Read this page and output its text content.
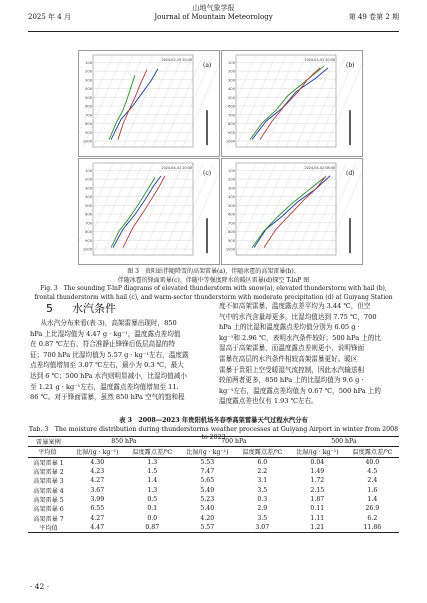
2025 年 4 月
山地气象学报
Journal of Mountain Meteorology	第 49 卷第 2 期
100
200
300
400
500
600
700
800
900
1000
(a)
2024-02-19 20:00
100
200
300
400
500
600
700
800
900
1000
(b)
2024-03-01 20:00
100
200
300
400
500
600
700
800
900
1000
(c)
2024-04-01 20:00
100
200
300
400
500
600
700
800
900
1000
(d)
2024-04-02 08:00
图 3　贵阳站伴随降雪的高架雷暴(a)、伴随冰雹的高架雷暴(b)、
伴随冰雹的锋面雷暴(c)、伴随中等强度降水的暖区雷暴(d)探空 T-lnP 图
Fig. 3　The sounding T-lnP diagrams of elevated thunderstorm with snow(a), elevated thunderstorm with hail (b),
frontal thunderstorm with hail (c), and warm-sector thunderstorm with moderate precipitation (d) at Guiyang Station
5 水汽条件
从水汽分布来看(表 3)，高架雷暴出现时，850
hPa 上比湿均值为 4.47 g · kg⁻¹，温度露点差均值
在 0.87 ℃左右，符合准静止锋锋后低层高湿的特
征；700 hPa 比湿均值为 5.57 g · kg⁻¹左右，温度露
点差均值增加至 3.07 ℃左右，最小为 0.3 ℃，最大
达到 6 ℃；500 hPa 水汽则明显减小，比湿均值减小
至 1.21 g · kg⁻¹左右，温度露点差均值增加至 11.
86 ℃。对于锋面雷暴，虽然 850 hPa 空气的饱和程
度不如高架雷暴，温度露点差平均为 3.44 ℃，但空
气中的水汽含量却更多，比湿均值达到 7.75 ℃，700
hPa 上的比湿和温度露点差均值分别为 6.05 g ·
kg⁻¹和 2.96 ℃，表明水汽条件较好；500 hPa 上的比
湿高于高架雷暴，而温度露点差则更小，说明锋面
雷暴在高层的水汽条件相较高架雷暴更好。暖区
雷暴于贵阳上空受暖湿气流控制，因此水汽输送相
较前两者更多，850 hPa 上的比湿均值为 9.6 g ·
kg⁻¹左右，温度露点差均值为 0.67 ℃，500 hPa 上的
温度露点差也仅有 1.93 ℃左右。
表 3　2008—2023 年贵阳机场冬春季高架雷暴天气过程水汽分布
Tab. 3　The moisture distribution during thunderstorms weather processes at Guiyang Airport in winter from 2008 to 2023
雷暴案例	850 hPa		700 hPa		500 hPa	
平均值	比湿/(g · kg⁻¹)	温度露点差/℃	比湿/(g · kg⁻¹)	温度露点差/℃	比湿/(g · kg⁻¹)	温度露点差/℃
高架雷暴 1	4.30	1.3	5.53	6.0	0.04	40.0
高架雷暴 2	4.23	1.5	7.47	2.2	1.49	4.5
高架雷暴 3	4.27	1.4	5.65	3.1	1.72	2.4
高架雷暴 4	3.67	1.3	5.49	3.5	2.15	1.6
高架雷暴 5	3.99	0.5	5.23	0.3	1.87	1.4
高架雷暴 6	6.55	0.1	5.40	2.9	0.11	26.9
高架雷暴 7	4.27	0.0	4.20	3.5	1.11	6.2
平均值	4.47	0.87	5.57	3.07	1.21	11.86
· 42 ·
